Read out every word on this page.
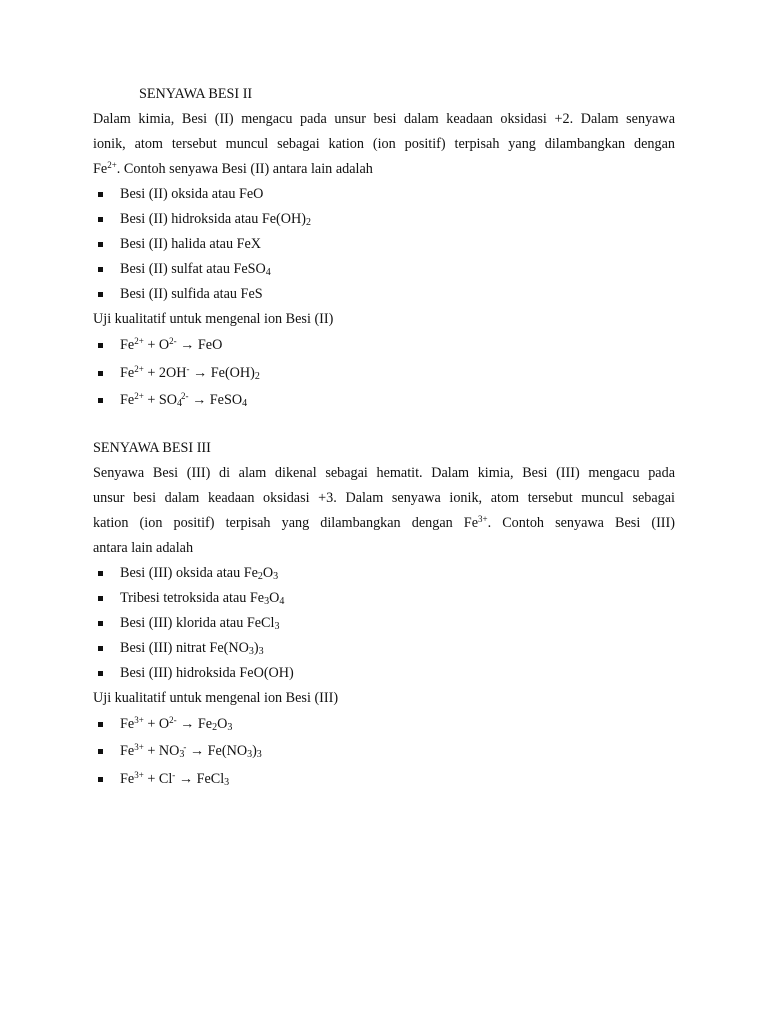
SENYAWA BESI II
Dalam kimia, Besi (II) mengacu pada unsur besi dalam keadaan oksidasi +2. Dalam senyawa
ionik, atom tersebut muncul sebagai kation (ion positif) terpisah yang dilambangkan dengan
$Fe^{2+}$. Contoh senyawa Besi (II) antara lain adalah
Besi (II) oksida atau FeO
Besi (II) hidroksida atau $Fe(OH)_2$
Besi (II) halida atau FeX
Besi (II) sulfat atau FeSO$_4$
Besi (II) sulfida atau FeS
Uji kualitatif untuk mengenal ion Besi (II)
$Fe^{2+} + O^{2-}$ → FeO
$Fe^{2+} + 2OH^- \to Fe(OH)_2$
$Fe^{2+} + SO_4^{2-}$ → FeSO$_4$
SENYAWA BESI III
Senyawa Besi (III) di alam dikenal sebagai hematit. Dalam kimia, Besi (III) mengacu pada
unsur besi dalam keadaan oksidasi +3. Dalam senyawa ionik, atom tersebut muncul sebagai
kation (ion positif) terpisah yang dilambangkan dengan $Fe^{3+}$. Contoh senyawa Besi (III)
antara lain adalah
Besi (III) oksida atau $Fe_2O_3$
Tribesi tetroksida atau $Fe_3O_4$
Besi (III) klorida atau FeCl$_3$
Besi (III) nitrat $Fe(NO_3)_3$
Besi (III) hidroksida FeO(OH)
Uji kualitatif untuk mengenal ion Besi (III)
$Fe^{3+} + O^{2-} \to Fe_2O_3$
$Fe^{3+} + NO_3^- \to Fe(NO_3)_3$
$Fe^{3+} + Cl^-$ → FeCl$_3$
